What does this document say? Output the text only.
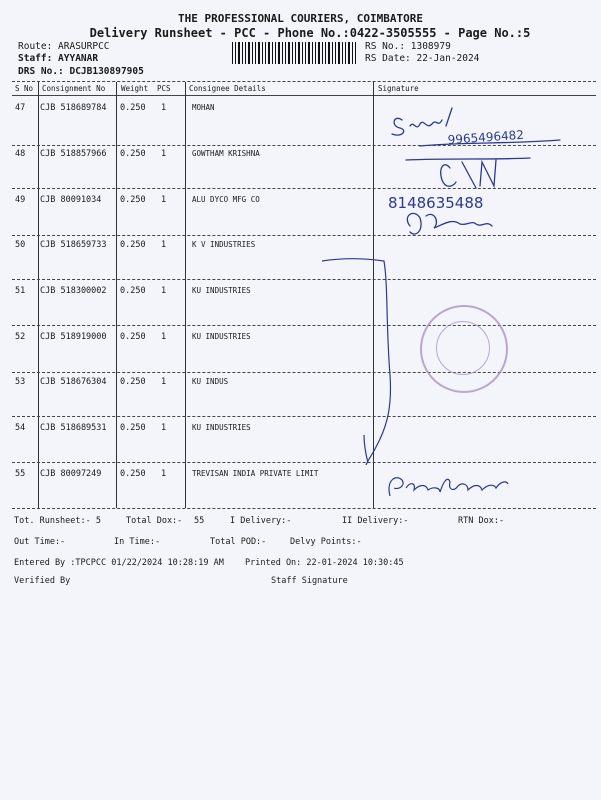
THE PROFESSIONAL COURIERS, COIMBATORE
Delivery Runsheet - PCC - Phone No.:0422-3505555 - Page No.:5
Route: ARASURPCC
Staff: AYYANAR
DRS No.: DCJB130897905
RS No.: 1308979
RS Date: 22-Jan-2024
S No Consignment No Weight PCS Consignee Details	Signature
47 CJB 518689784 0.250 1	MOHAN
48 CJB 518857966 0.250 1	GOWTHAM KRISHNA
49 CJB 80091034 0.250 1	ALU DYCO MFG CO
50 CJB 518659733 0.250 1	K V INDUSTRIES
51 CJB 518300002 0.250 1	KU INDUSTRIES
52 CJB 518919000 0.250 1	KU INDUSTRIES
53 CJB 518676304 0.250 1	KU INDUS
54 CJB 518689531 0.250 1	KU INDUSTRIES
55 CJB 80097249 0.250 1	TREVISAN INDIA PRIVATE LIMIT
9965496482
8148635488
Tot. Runsheet:- 5	Total Dox:- 55	I Delivery:-	II Delivery:-	RTN Dox:-
Out Time:-	In Time:-	Total POD:-	Delvy Points:-
Entered By :TPCPCC 01/22/2024 10:28:19 AM Printed On: 22-01-2024 10:30:45
Verified By	Staff Signature
